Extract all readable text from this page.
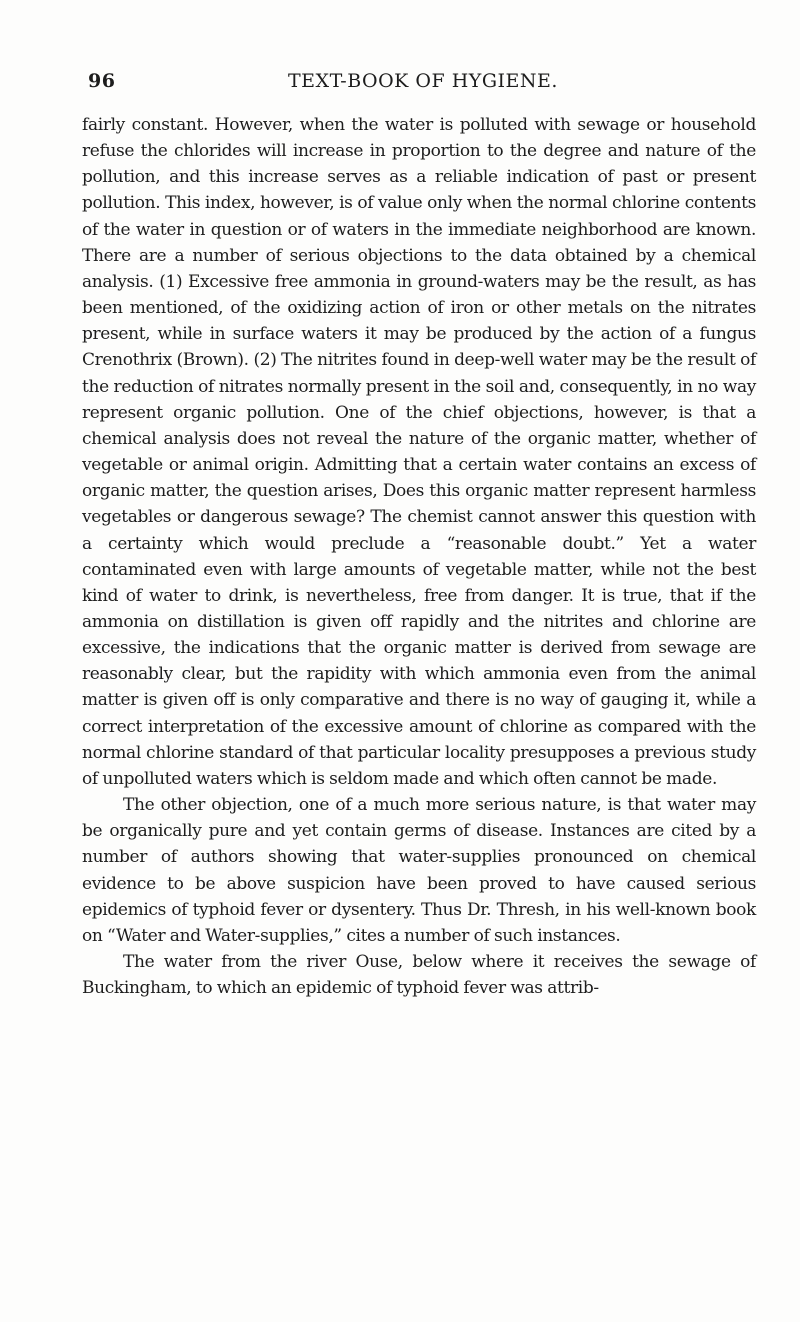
96	TEXT-BOOK OF HYGIENE.

fairly constant. However, when the water is polluted with sewage or household refuse the chlorides will increase in proportion to the degree and nature of the pollution, and this increase serves as a reliable indication of past or present pollution. This index, however, is of value only when the normal chlorine contents of the water in question or of waters in the immediate neighborhood are known. There are a number of serious objections to the data obtained by a chemical analysis. (1) Excessive free ammonia in ground-waters may be the result, as has been mentioned, of the oxidizing action of iron or other metals on the nitrates present, while in surface waters it may be produced by the action of a fungus Crenothrix (Brown). (2) The nitrites found in deep-well water may be the result of the reduction of nitrates normally present in the soil and, consequently, in no way represent organic pollution. One of the chief objections, however, is that a chemical analysis does not reveal the nature of the organic matter, whether of vegetable or animal origin. Admitting that a certain water contains an excess of organic matter, the question arises, Does this organic matter represent harmless vegetables or dangerous sewage? The chemist cannot answer this question with a certainty which would preclude a “reasonable doubt.” Yet a water contaminated even with large amounts of vegetable matter, while not the best kind of water to drink, is nevertheless, free from danger. It is true, that if the ammonia on distillation is given off rapidly and the nitrites and chlorine are excessive, the indications that the organic matter is derived from sewage are reasonably clear, but the rapidity with which ammonia even from the animal matter is given off is only comparative and there is no way of gauging it, while a correct interpretation of the excessive amount of chlorine as compared with the normal chlorine standard of that particular locality presupposes a previous study of unpolluted waters which is seldom made and which often cannot be made.

The other objection, one of a much more serious nature, is that water may be organically pure and yet contain germs of disease. Instances are cited by a number of authors showing that water-supplies pronounced on chemical evidence to be above suspicion have been proved to have caused serious epidemics of typhoid fever or dysentery. Thus Dr. Thresh, in his well-known book on “Water and Water-supplies,” cites a number of such instances.

The water from the river Ouse, below where it receives the sewage of Buckingham, to which an epidemic of typhoid fever was attrib-
